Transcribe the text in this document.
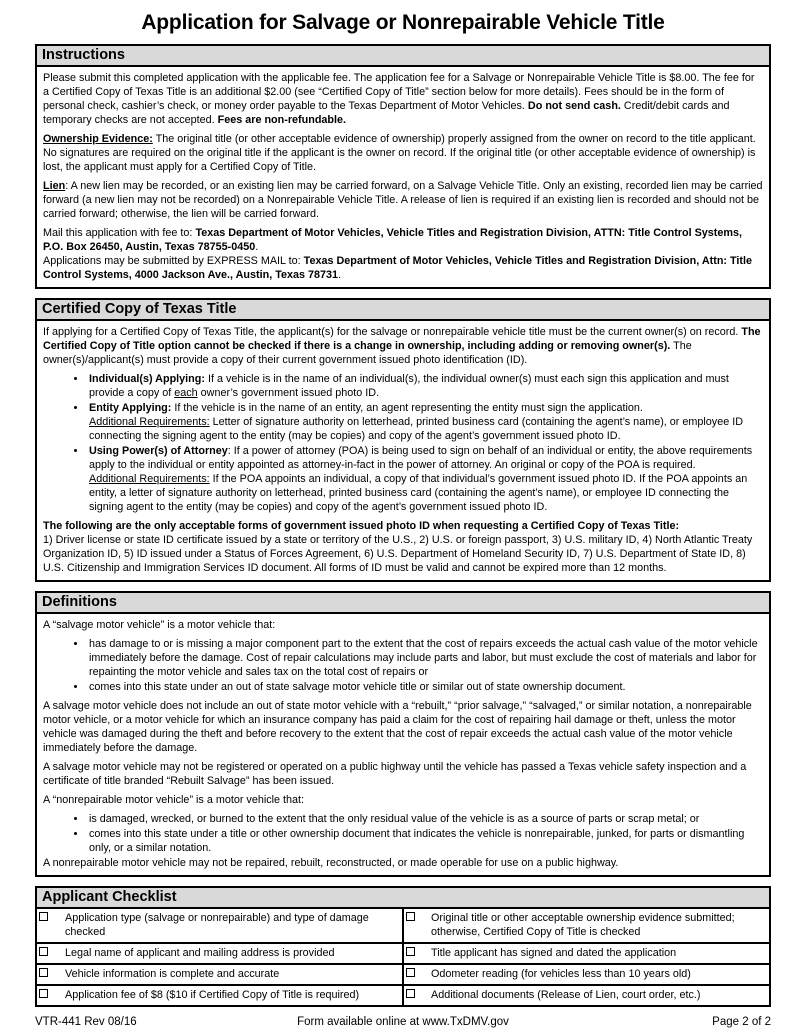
Application for Salvage or Nonrepairable Vehicle Title
Instructions

Please submit this completed application with the applicable fee. The application fee for a Salvage or Nonrepairable Vehicle Title is $8.00. The fee for a Certified Copy of Texas Title is an additional $2.00 (see “Certified Copy of Title” section below for more details). Fees should be in the form of personal check, cashier’s check, or money order payable to the Texas Department of Motor Vehicles. Do not send cash. Credit/debit cards and temporary checks are not accepted. Fees are non-refundable.

Ownership Evidence: The original title (or other acceptable evidence of ownership) properly assigned from the owner on record to the title applicant. No signatures are required on the original title if the applicant is the owner on record. If the original title (or other acceptable evidence of ownership) is lost, the applicant must apply for a Certified Copy of Title.

Lien: A new lien may be recorded, or an existing lien may be carried forward, on a Salvage Vehicle Title. Only an existing, recorded lien may be carried forward (a new lien may not be recorded) on a Nonrepairable Vehicle Title. A release of lien is required if an existing lien is recorded and should not be carried forward; otherwise, the lien will be carried forward.

Mail this application with fee to: Texas Department of Motor Vehicles, Vehicle Titles and Registration Division, ATTN: Title Control Systems, P.O. Box 26450, Austin, Texas 78755-0450.

Applications may be submitted by EXPRESS MAIL to: Texas Department of Motor Vehicles, Vehicle Titles and Registration Division, Attn: Title Control Systems, 4000 Jackson Ave., Austin, Texas 78731.

Certified Copy of Texas Title

If applying for a Certified Copy of Texas Title, the applicant(s) for the salvage or nonrepairable vehicle title must be the current owner(s) on record. The Certified Copy of Title option cannot be checked if there is a change in ownership, including adding or removing owner(s). The owner(s)/applicant(s) must provide a copy of their current government issued photo identification (ID).

• Individual(s) Applying: If a vehicle is in the name of an individual(s), the individual owner(s) must each sign this application and must provide a copy of each owner’s government issued photo ID.
• Entity Applying: If the vehicle is in the name of an entity, an agent representing the entity must sign the application.
Additional Requirements: Letter of signature authority on letterhead, printed business card (containing the agent’s name), or employee ID connecting the signing agent to the entity (may be copies) and copy of the agent’s government issued photo ID.
• Using Power(s) of Attorney: If a power of attorney (POA) is being used to sign on behalf of an individual or entity, the above requirements apply to the individual or entity appointed as attorney-in-fact in the power of attorney. An original or copy of the POA is required.
Additional Requirements: If the POA appoints an individual, a copy of that individual’s government issued photo ID. If the POA appoints an entity, a letter of signature authority on letterhead, printed business card (containing the agent’s name), or employee ID connecting the signing agent to the entity (may be copies) and copy of the agent’s government issued photo ID.

The following are the only acceptable forms of government issued photo ID when requesting a Certified Copy of Texas Title:
1) Driver license or state ID certificate issued by a state or territory of the U.S., 2) U.S. or foreign passport, 3) U.S. military ID, 4) North Atlantic Treaty Organization ID, 5) ID issued under a Status of Forces Agreement, 6) U.S. Department of Homeland Security ID, 7) U.S. Department of State ID, 8) U.S. Citizenship and Immigration Services ID document. All forms of ID must be valid and cannot be expired more than 12 months.

Definitions

A “salvage motor vehicle” is a motor vehicle that:

• has damage to or is missing a major component part to the extent that the cost of repairs exceeds the actual cash value of the motor vehicle immediately before the damage. Cost of repair calculations may include parts and labor, but must exclude the cost of materials and labor for repainting the motor vehicle and sales tax on the total cost of repairs or
• comes into this state under an out of state salvage motor vehicle title or similar out of state ownership document.

A salvage motor vehicle does not include an out of state motor vehicle with a “rebuilt,” “prior salvage,” “salvaged,” or similar notation, a nonrepairable motor vehicle, or a motor vehicle for which an insurance company has paid a claim for the cost of repairing hail damage or theft, unless the motor vehicle was damaged during the theft and before recovery to the extent that the cost of repair exceeds the actual cash value of the motor vehicle immediately before the damage.

A salvage motor vehicle may not be registered or operated on a public highway until the vehicle has passed a Texas vehicle safety inspection and a certificate of title branded “Rebuilt Salvage” has been issued.

A “nonrepairable motor vehicle” is a motor vehicle that:

• is damaged, wrecked, or burned to the extent that the only residual value of the vehicle is as a source of parts or scrap metal; or
• comes into this state under a title or other ownership document that indicates the vehicle is nonrepairable, junked, for parts or dismantling only, or a similar notation.

A nonrepairable motor vehicle may not be repaired, rebuilt, reconstructed, or made operable for use on a public highway.

Applicant Checklist
	Application type (salvage or nonrepairable) and type of damage checked		Original title or other acceptable ownership evidence submitted; otherwise, Certified Copy of Title is checked
	Legal name of applicant and mailing address is provided		Title applicant has signed and dated the application
	Vehicle information is complete and accurate		Odometer reading (for vehicles less than 10 years old)
	Application fee of $8 ($10 if Certified Copy of Title is required)		Additional documents (Release of Lien, court order, etc.)
VTR-441 Rev 08/16	Form available online at www.TxDMV.gov	Page 2 of 2
